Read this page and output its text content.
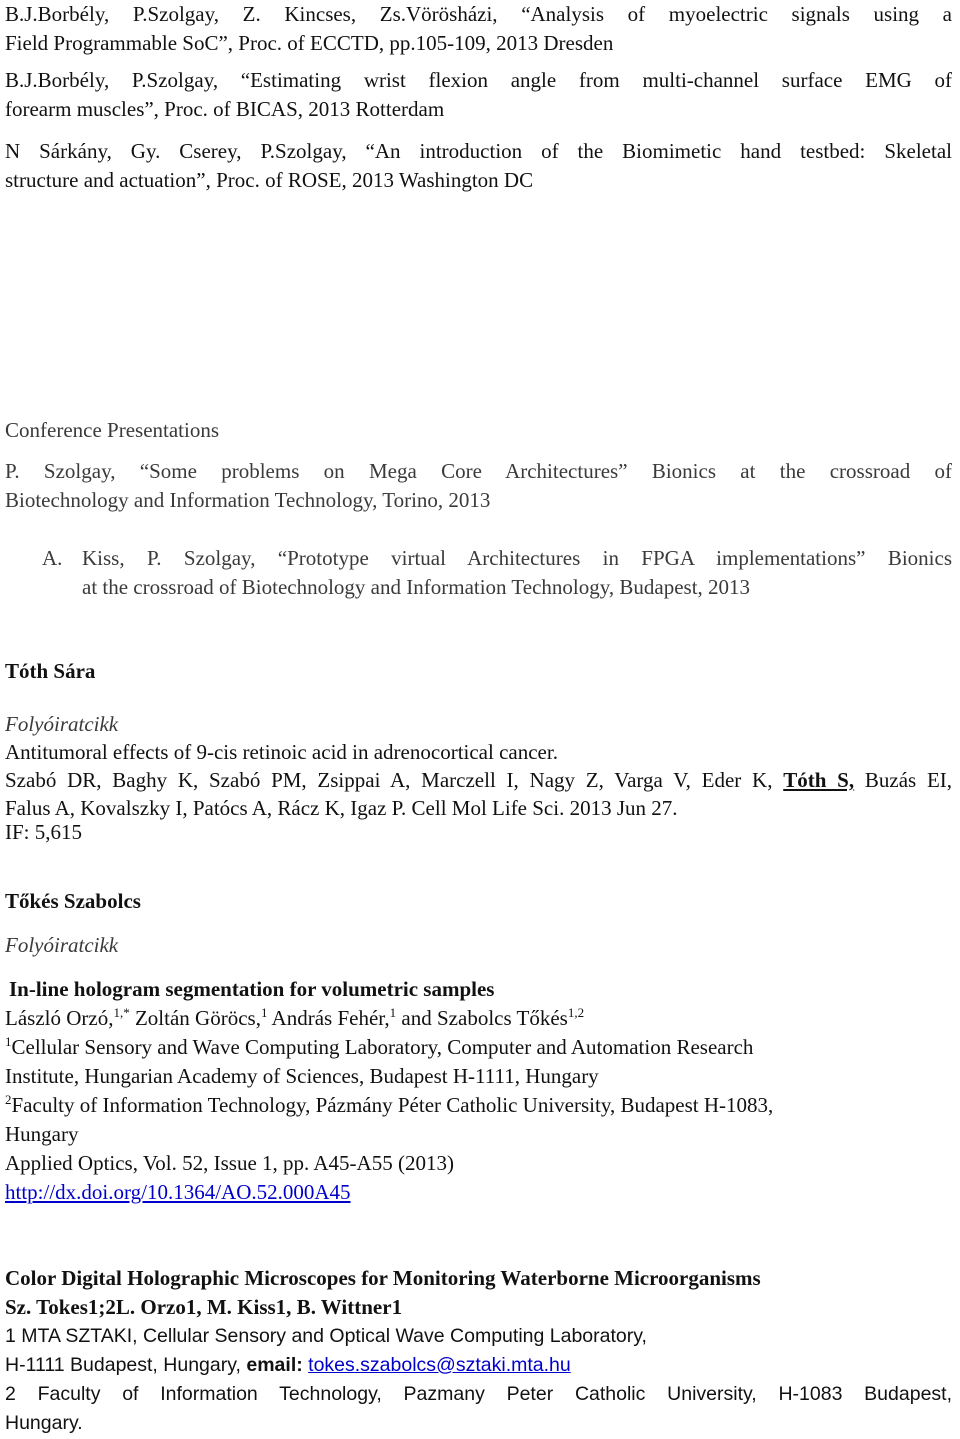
B.J.Borbély, P.Szolgay, Z. Kincses, Zs.Vörösházi, “Analysis of myoelectric signals using a
Field Programmable SoC”, Proc. of ECCTD, pp.105-109, 2013 Dresden
B.J.Borbély, P.Szolgay, “Estimating wrist flexion angle from multi-channel surface EMG of
forearm muscles”, Proc. of BICAS, 2013 Rotterdam
N Sárkány, Gy. Cserey, P.Szolgay, “An introduction of the Biomimetic hand testbed: Skeletal
structure and actuation”, Proc. of ROSE, 2013 Washington DC
Conference Presentations
P. Szolgay, “Some problems on Mega Core Architectures” Bionics at the crossroad of
Biotechnology and Information Technology, Torino, 2013
A. Kiss, P. Szolgay, “Prototype virtual Architectures in FPGA implementations” Bionics
at the crossroad of Biotechnology and Information Technology, Budapest, 2013
Tóth Sára
Folyóiratcikk
Antitumoral effects of 9-cis retinoic acid in adrenocortical cancer.
Szabó DR, Baghy K, Szabó PM, Zsippai A, Marczell I, Nagy Z, Varga V, Eder K, Tóth S, Buzás EI,
Falus A, Kovalszky I, Patócs A, Rácz K, Igaz P. Cell Mol Life Sci. 2013 Jun 27.
IF: 5,615
Tőkés Szabolcs
Folyóiratcikk
In-line hologram segmentation for volumetric samples
László Orzó,$^{1,*}$ Zoltán Göröcs,$^1$ András Fehér,$^1$ and Szabolcs Tőkés$^{1,2}$
$^1$Cellular Sensory and Wave Computing Laboratory, Computer and Automation Research
Institute, Hungarian Academy of Sciences, Budapest H-1111, Hungary
$^2$Faculty of Information Technology, Pázmány Péter Catholic University, Budapest H-1083,
Hungary
Applied Optics, Vol. 52, Issue 1, pp. A45-A55 (2013)
http://dx.doi.org/10.1364/AO.52.000A45
Color Digital Holographic Microscopes for Monitoring Waterborne Microorganisms
Sz. Tokes1;2L. Orzo1, M. Kiss1, B. Wittner1
1 MTA SZTAKI, Cellular Sensory and Optical Wave Computing Laboratory,
H-1111 Budapest, Hungary, email: tokes.szabolcs@sztaki.mta.hu
2 Faculty of Information Technology, Pazmany Peter Catholic University, H-1083 Budapest,
Hungary.
